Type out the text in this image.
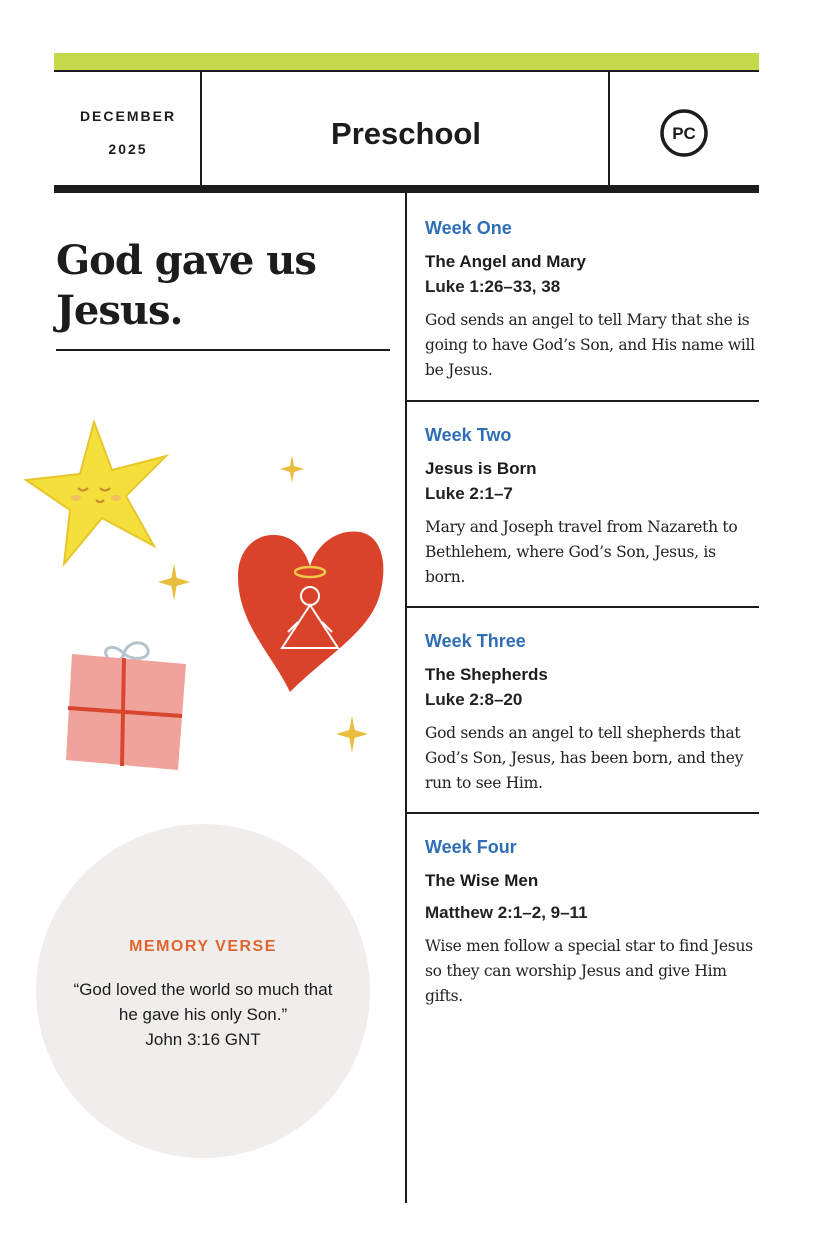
DECEMBER
2025	Preschool	PC
God gave us Jesus.
MEMORY VERSE
“God loved the world so much that he gave his only Son.”
John 3:16 GNT
Week One
The Angel and Mary
Luke 1:26–33, 38
God sends an angel to tell Mary that she is going to have God’s Son, and His name will be Jesus.
Week Two
Jesus is Born
Luke 2:1–7
Mary and Joseph travel from Nazareth to Bethlehem, where God’s Son, Jesus, is born.
Week Three
The Shepherds
Luke 2:8–20
God sends an angel to tell shepherds that God’s Son, Jesus, has been born, and they run to see Him.
Week Four
The Wise Men
Matthew 2:1–2, 9–11
Wise men follow a special star to find Jesus so they can worship Jesus and give Him gifts.
